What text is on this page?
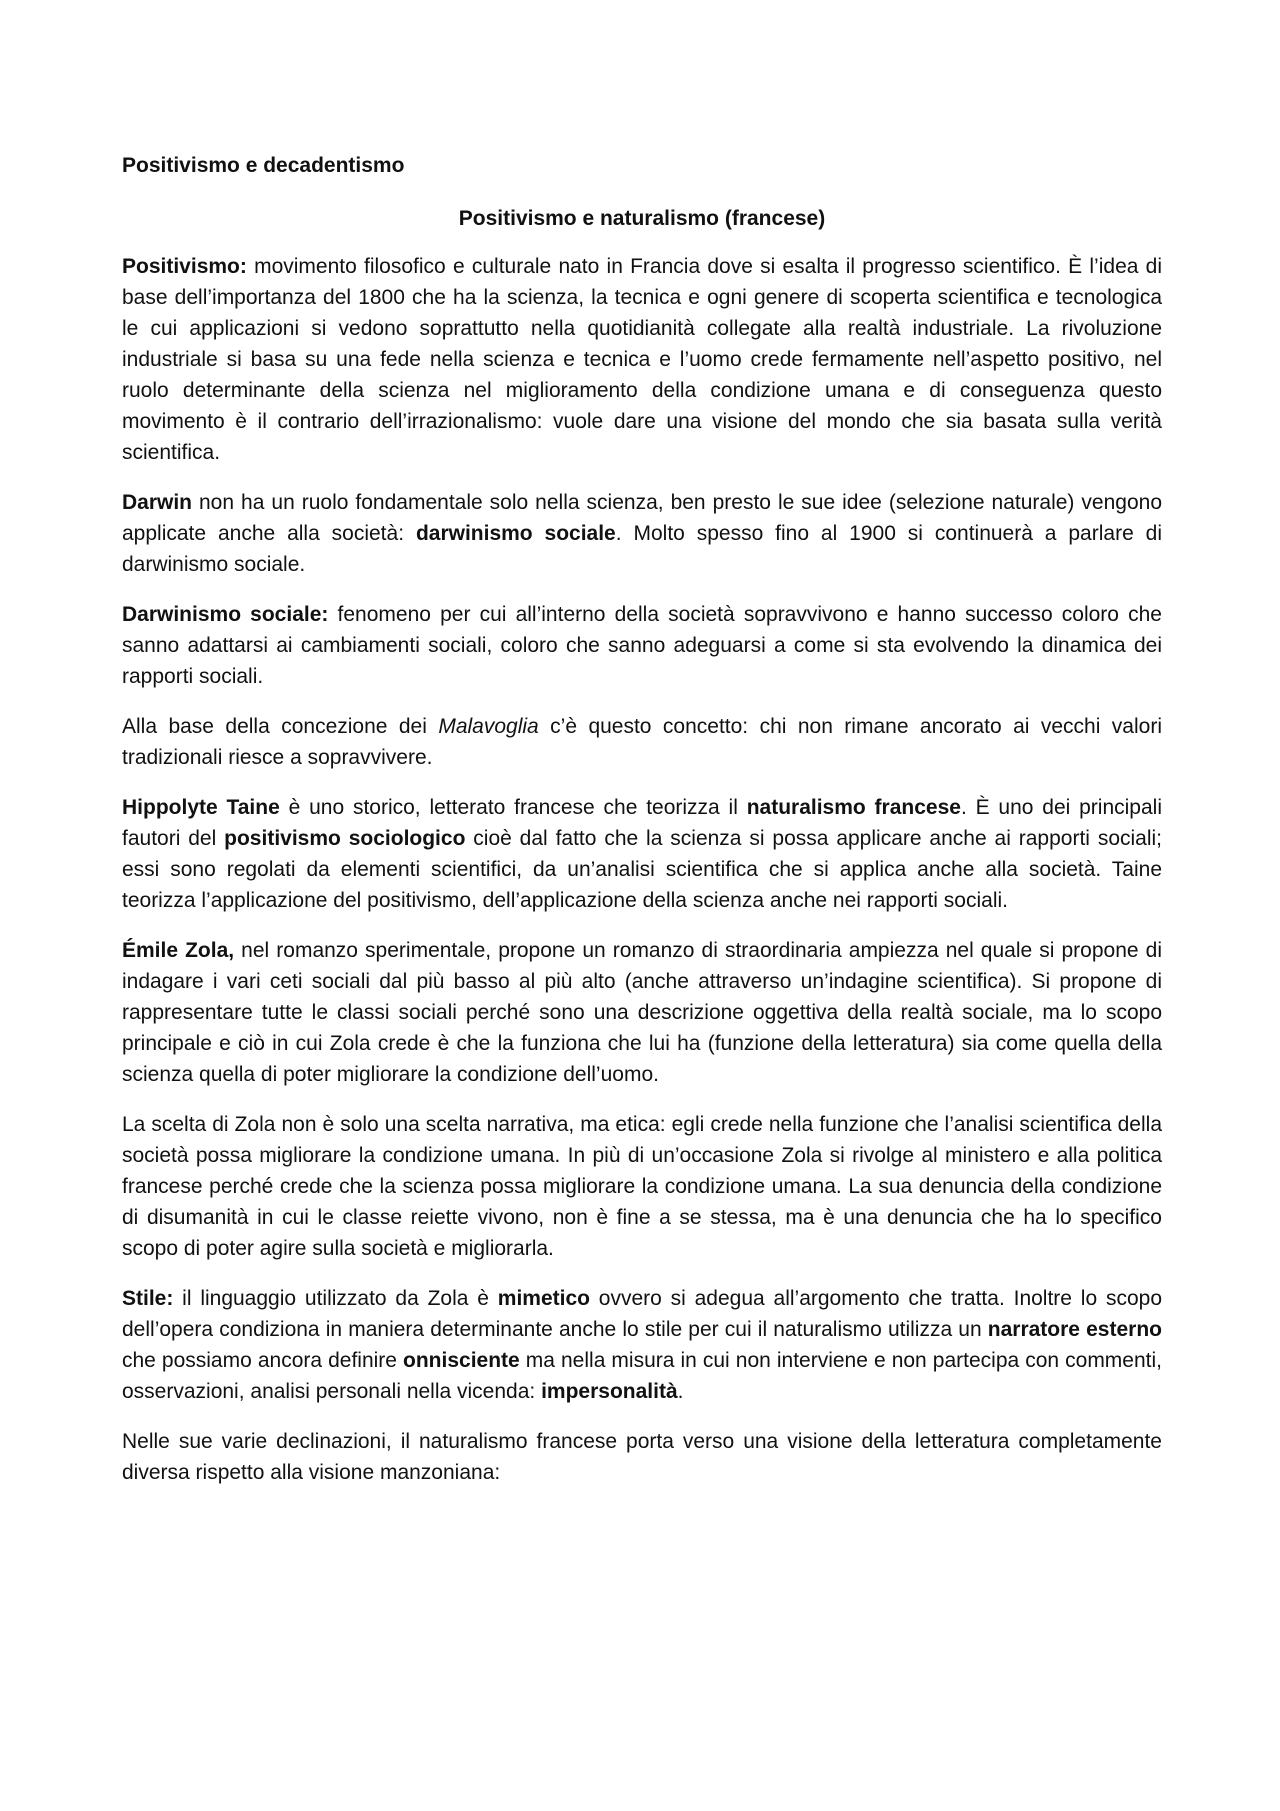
Positivismo e decadentismo
Positivismo e naturalismo (francese)

Positivismo: movimento filosofico e culturale nato in Francia dove si esalta il progresso scientifico. È l’idea di base dell’importanza del 1800 che ha la scienza, la tecnica e ogni genere di scoperta scientifica e tecnologica le cui applicazioni si vedono soprattutto nella quotidianità collegate alla realtà industriale. La rivoluzione industriale si basa su una fede nella scienza e tecnica e l’uomo crede fermamente nell’aspetto positivo, nel ruolo determinante della scienza nel miglioramento della condizione umana e di conseguenza questo movimento è il contrario dell’irrazionalismo: vuole dare una visione del mondo che sia basata sulla verità scientifica.

Darwin non ha un ruolo fondamentale solo nella scienza, ben presto le sue idee (selezione naturale) vengono applicate anche alla società: darwinismo sociale. Molto spesso fino al 1900 si continuerà a parlare di darwinismo sociale.

Darwinismo sociale: fenomeno per cui all’interno della società sopravvivono e hanno successo coloro che sanno adattarsi ai cambiamenti sociali, coloro che sanno adeguarsi a come si sta evolvendo la dinamica dei rapporti sociali.

Alla base della concezione dei Malavoglia c’è questo concetto: chi non rimane ancorato ai vecchi valori tradizionali riesce a sopravvivere.

Hippolyte Taine è uno storico, letterato francese che teorizza il naturalismo francese. È uno dei principali fautori del positivismo sociologico cioè dal fatto che la scienza si possa applicare anche ai rapporti sociali; essi sono regolati da elementi scientifici, da un’analisi scientifica che si applica anche alla società. Taine teorizza l’applicazione del positivismo, dell’applicazione della scienza anche nei rapporti sociali.

Émile Zola, nel romanzo sperimentale, propone un romanzo di straordinaria ampiezza nel quale si propone di indagare i vari ceti sociali dal più basso al più alto (anche attraverso un’indagine scientifica). Si propone di rappresentare tutte le classi sociali perché sono una descrizione oggettiva della realtà sociale, ma lo scopo principale e ciò in cui Zola crede è che la funziona che lui ha (funzione della letteratura) sia come quella della scienza quella di poter migliorare la condizione dell’uomo.

La scelta di Zola non è solo una scelta narrativa, ma etica: egli crede nella funzione che l’analisi scientifica della società possa migliorare la condizione umana. In più di un’occasione Zola si rivolge al ministero e alla politica francese perché crede che la scienza possa migliorare la condizione umana. La sua denuncia della condizione di disumanità in cui le classe reiette vivono, non è fine a se stessa, ma è una denuncia che ha lo specifico scopo di poter agire sulla società e migliorarla.

Stile: il linguaggio utilizzato da Zola è mimetico ovvero si adegua all’argomento che tratta. Inoltre lo scopo dell’opera condiziona in maniera determinante anche lo stile per cui il naturalismo utilizza un narratore esterno che possiamo ancora definire onnisciente ma nella misura in cui non interviene e non partecipa con commenti, osservazioni, analisi personali nella vicenda: impersonalità.

Nelle sue varie declinazioni, il naturalismo francese porta verso una visione della letteratura completamente diversa rispetto alla visione manzoniana:
